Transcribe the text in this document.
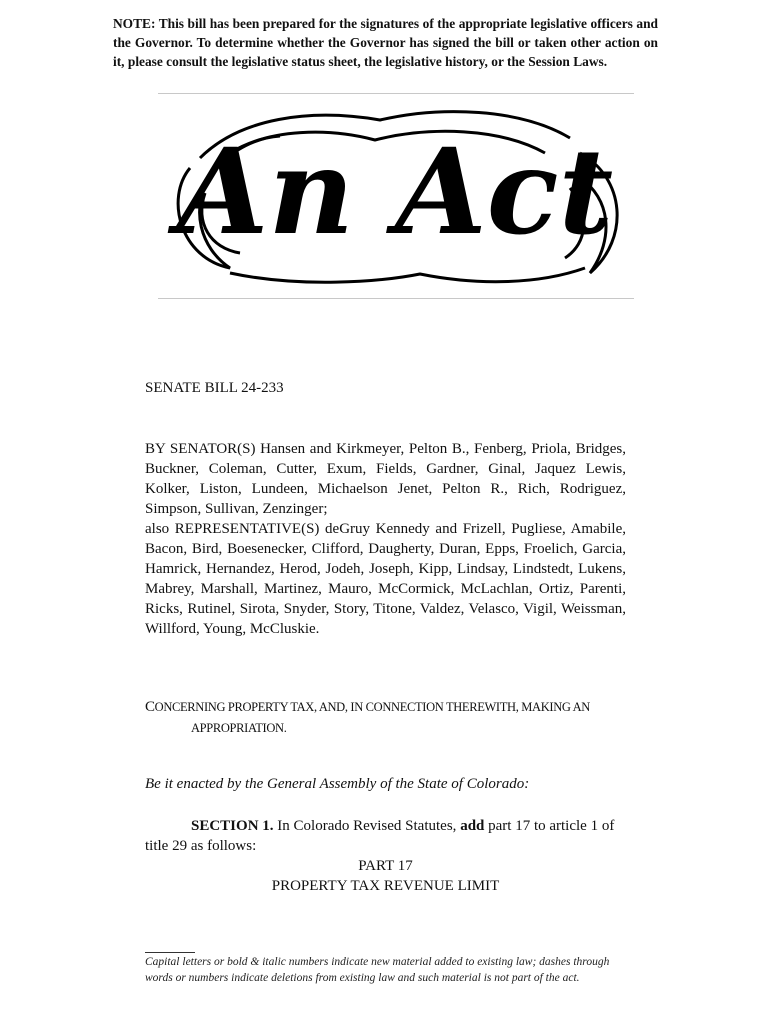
NOTE: This bill has been prepared for the signatures of the appropriate legislative officers and the Governor. To determine whether the Governor has signed the bill or taken other action on it, please consult the legislative status sheet, the legislative history, or the Session Laws.
An Act
SENATE BILL 24-233

BY SENATOR(S) Hansen and Kirkmeyer, Pelton B., Fenberg, Priola, Bridges, Buckner, Coleman, Cutter, Exum, Fields, Gardner, Ginal, Jaquez Lewis, Kolker, Liston, Lundeen, Michaelson Jenet, Pelton R., Rich, Rodriguez, Simpson, Sullivan, Zenzinger;

also REPRESENTATIVE(S) deGruy Kennedy and Frizell, Pugliese, Amabile, Bacon, Bird, Boesenecker, Clifford, Daugherty, Duran, Epps, Froelich, Garcia, Hamrick, Hernandez, Herod, Jodeh, Joseph, Kipp, Lindsay, Lindstedt, Lukens, Mabrey, Marshall, Martinez, Mauro, McCormick, McLachlan, Ortiz, Parenti, Ricks, Rutinel, Sirota, Snyder, Story, Titone, Valdez, Velasco, Vigil, Weissman, Willford, Young, McCluskie.

CONCERNING PROPERTY TAX, AND, IN CONNECTION THEREWITH, MAKING AN
APPROPRIATION.
Be it enacted by the General Assembly of the State of Colorado:
SECTION 1. In Colorado Revised Statutes, add part 17 to article 1 of title 29 as follows:
PART 17
PROPERTY TAX REVENUE LIMIT
Capital letters or bold & italic numbers indicate new material added to existing law; dashes through words or numbers indicate deletions from existing law and such material is not part of the act.
